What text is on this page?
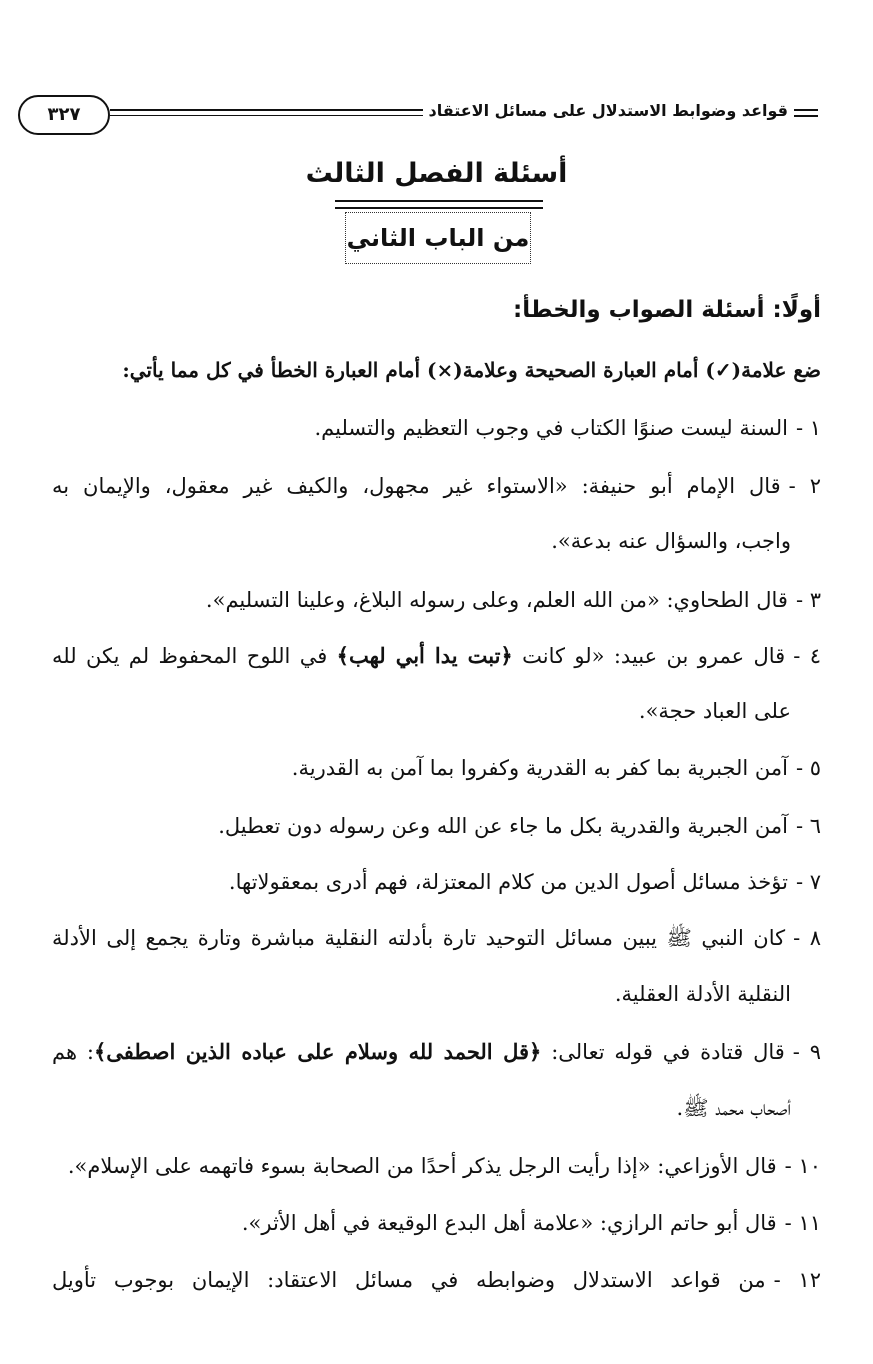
قواعد وضوابط الاستدلال على مسائل الاعتقاد
٣٢٧
أسئلة الفصل الثالث
من الباب الثاني
أولًا: أسئلة الصواب والخطأ:
ضع علامة(✓) أمام العبارة الصحيحة وعلامة(×) أمام العبارة الخطأ في كل مما يأتي:
١ -السنة ليست صنوًا الكتاب في وجوب التعظيم والتسليم.
٢ -قال الإمام أبو حنيفة: «الاستواء غير مجهول، والكيف غير معقول، والإيمان به
واجب، والسؤال عنه بدعة».
٣ -قال الطحاوي: «من الله العلم، وعلى رسوله البلاغ، وعلينا التسليم».
٤ -قال عمرو بن عبيد: «لو كانت ﴿تبت يدا أبي لهب﴾ في اللوح المحفوظ لم يكن لله
على العباد حجة».
٥ -آمن الجبرية بما كفر به القدرية وكفروا بما آمن به القدرية.
٦ -آمن الجبرية والقدرية بكل ما جاء عن الله وعن رسوله دون تعطيل.
٧ -تؤخذ مسائل أصول الدين من كلام المعتزلة، فهم أدرى بمعقولاتها.
٨ -كان النبي ﷺ يبين مسائل التوحيد تارة بأدلته النقلية مباشرة وتارة يجمع إلى الأدلة
النقلية الأدلة العقلية.
٩ -قال قتادة في قوله تعالى: ﴿قل الحمد لله وسلام على عباده الذين اصطفى﴾: هم
أصحاب محمد ﷺ.
١٠ -قال الأوزاعي: «إذا رأيت الرجل يذكر أحدًا من الصحابة بسوء فاتهمه على الإسلام».
١١ -قال أبو حاتم الرازي: «علامة أهل البدع الوقيعة في أهل الأثر».
١٢ -من قواعد الاستدلال وضوابطه في مسائل الاعتقاد: الإيمان بوجوب تأويل
